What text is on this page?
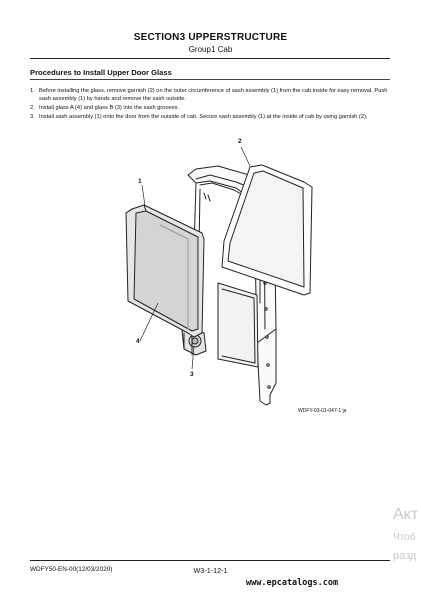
SECTION3 UPPERSTRUCTURE
Group1 Cab
Procedures to Install Upper Door Glass
1. Before installing the glass, remove garnish (2) on the outer circumference of sash assembly (1) from the cab inside for easy removal. Push sash assembly (1) by hands and remove the sash outside.
2. Install glass A (4) and glass B (3) into the sash grooves.
3. Install sash assembly (1) onto the door from the outside of cab. Secure sash assembly (1) at the inside of cab by using garnish (2).
1
2
3
4
WDFY-03-01-047-1 ja
Акт
Чтоб
разд
WDFY50-EN-00(12/03/2020)	W3-1-12-1
www.epcatalogs.com
